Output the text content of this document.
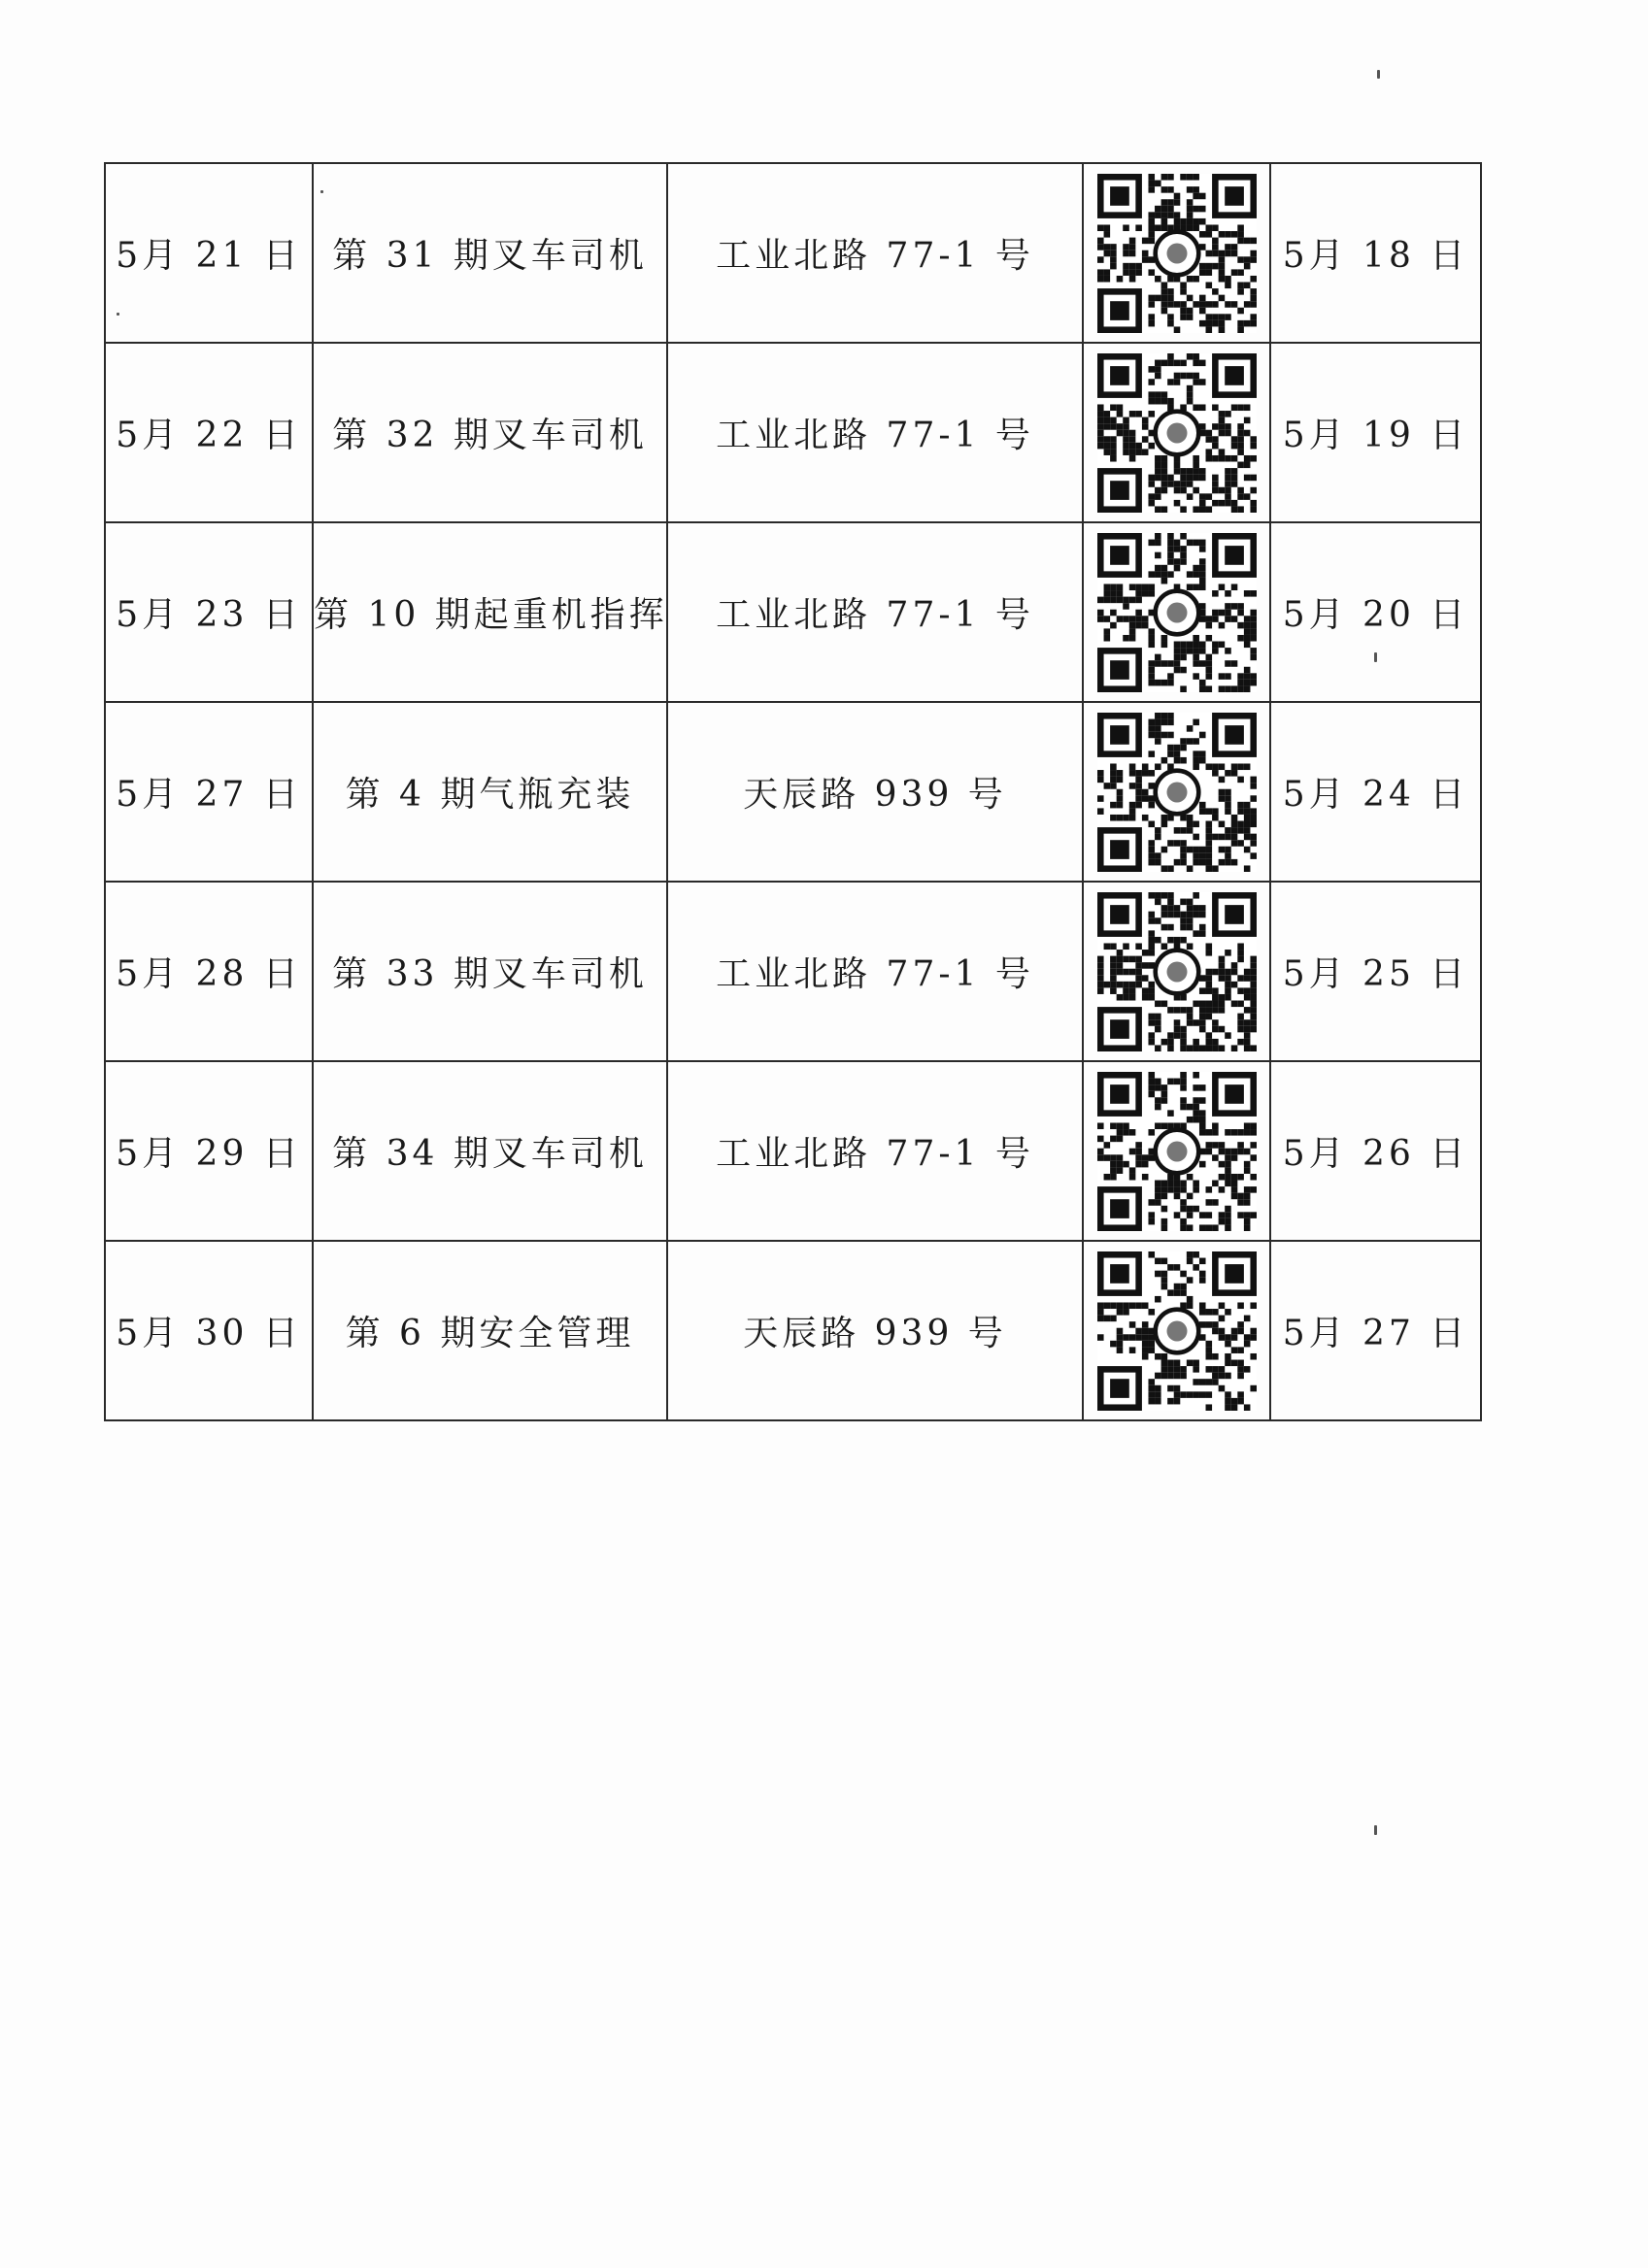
5月 21 日	第 31 期叉车司机	工业北路 77-1 号		5月 18 日
5月 22 日	第 32 期叉车司机	工业北路 77-1 号		5月 19 日
5月 23 日	第 10 期起重机指挥	工业北路 77-1 号		5月 20 日
5月 27 日	第 4 期气瓶充装	天辰路 939 号		5月 24 日
5月 28 日	第 33 期叉车司机	工业北路 77-1 号		5月 25 日
5月 29 日	第 34 期叉车司机	工业北路 77-1 号		5月 26 日
5月 30 日	第 6 期安全管理	天辰路 939 号		5月 27 日
